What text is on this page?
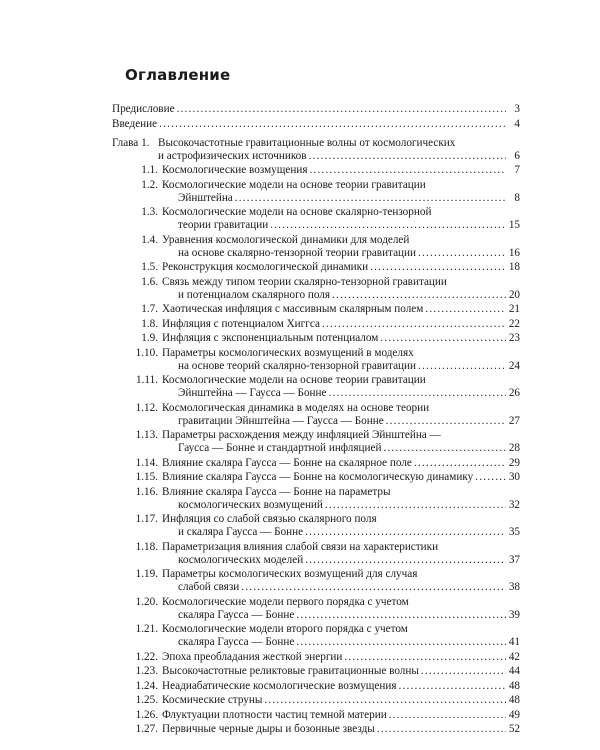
Оглавление
Предисловие .....	3
Введение .....	4
Глава 1. Высокочастотные гравитационные волны от космологических
и астрофизических источников .....	6
1.1. Космологические возмущения .....	7
1.2. Космологические модели на основе теории гравитации
Эйнштейна .....	8
1.3. Космологические модели на основе скалярно-тензорной
теории гравитации .....	15
1.4. Уравнения космологической динамики для моделей
на основе скалярно-тензорной теории гравитации .....	16
1.5. Реконструкция космологической динамики .....	18
1.6. Связь между типом теории скалярно-тензорной гравитации
и потенциалом скалярного поля .....	20
1.7. Хаотическая инфляция с массивным скалярным полем .....	21
1.8. Инфляция с потенциалом Хиггса .....	22
1.9. Инфляция с экспоненциальным потенциалом .....	23
1.10. Параметры космологических возмущений в моделях
на основе теорий скалярно-тензорной гравитации .....	24
1.11. Космологические модели на основе теории гравитации
Эйнштейна — Гаусса — Бонне .....	26
1.12. Космологическая динамика в моделях на основе теории
гравитации Эйнштейна — Гаусса — Бонне .....	27
1.13. Параметры расхождения между инфляцией Эйнштейна —
Гаусса — Бонне и стандартной инфляцией .....	28
1.14. Влияние скаляра Гаусса — Бонне на скалярное поле .....	29
1.15. Влияние скаляра Гаусса — Бонне на космологическую динамику .....	30
1.16. Влияние скаляра Гаусса — Бонне на параметры
космологических возмущений .....	32
1.17. Инфляция со слабой связью скалярного поля
и скаляра Гаусса — Бонне .....	35
1.18. Параметризация влияния слабой связи на характеристики
космологических моделей .....	37
1.19. Параметры космологических возмущений для случая
слабой связи .....	38
1.20. Космологические модели первого порядка с учетом
скаляра Гаусса — Бонне .....	39
1.21. Космологические модели второго порядка с учетом
скаляра Гаусса — Бонне .....	41
1.22. Эпоха преобладания жесткой энергии .....	42
1.23. Высокочастотные реликтовые гравитационные волны .....	44
1.24. Неадиабатические космологические возмущения .....	48
1.25. Космические струны .....	48
1.26. Флуктуации плотности частиц темной материи .....	49
1.27. Первичные черные дыры и бозонные звезды .....	52
